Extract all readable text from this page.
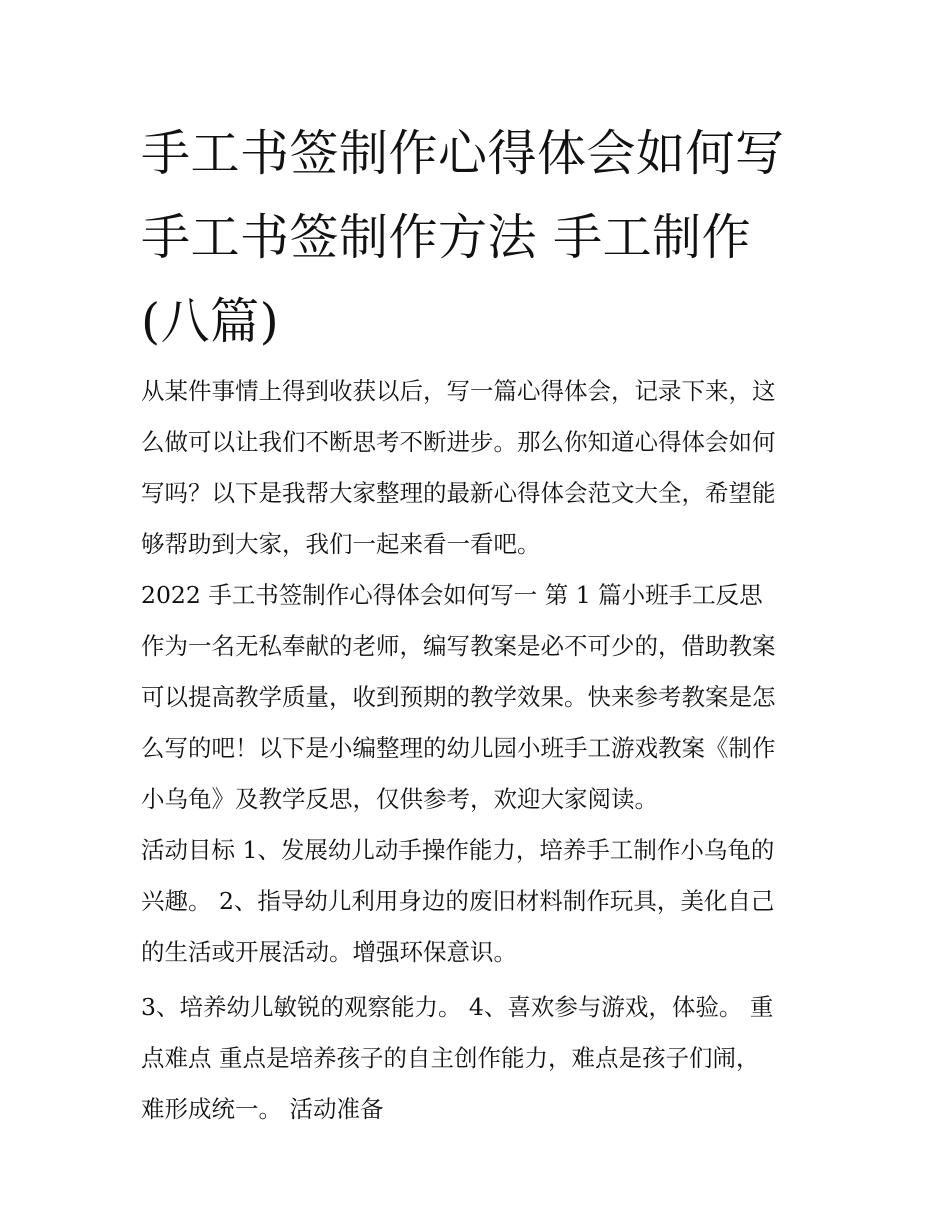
手工书签制作心得体会如何写
手工书签制作方法 手工制作
(八篇)

从某件事情上得到收获以后，写一篇心得体会，记录下来，这
么做可以让我们不断思考不断进步。那么你知道心得体会如何
写吗？以下是我帮大家整理的最新心得体会范文大全，希望能
够帮助到大家，我们一起来看一看吧。

2022 手工书签制作心得体会如何写一 第 1 篇小班手工反思

作为一名无私奉献的老师，编写教案是必不可少的，借助教案
可以提高教学质量，收到预期的教学效果。快来参考教案是怎
么写的吧！以下是小编整理的幼儿园小班手工游戏教案《制作
小乌龟》及教学反思，仅供参考，欢迎大家阅读。

活动目标 1、发展幼儿动手操作能力，培养手工制作小乌龟的
兴趣。 2、指导幼儿利用身边的废旧材料制作玩具，美化自己
的生活或开展活动。增强环保意识。

3、培养幼儿敏锐的观察能力。 4、喜欢参与游戏，体验。 重
点难点 重点是培养孩子的自主创作能力，难点是孩子们闹，
难形成统一。 活动准备
